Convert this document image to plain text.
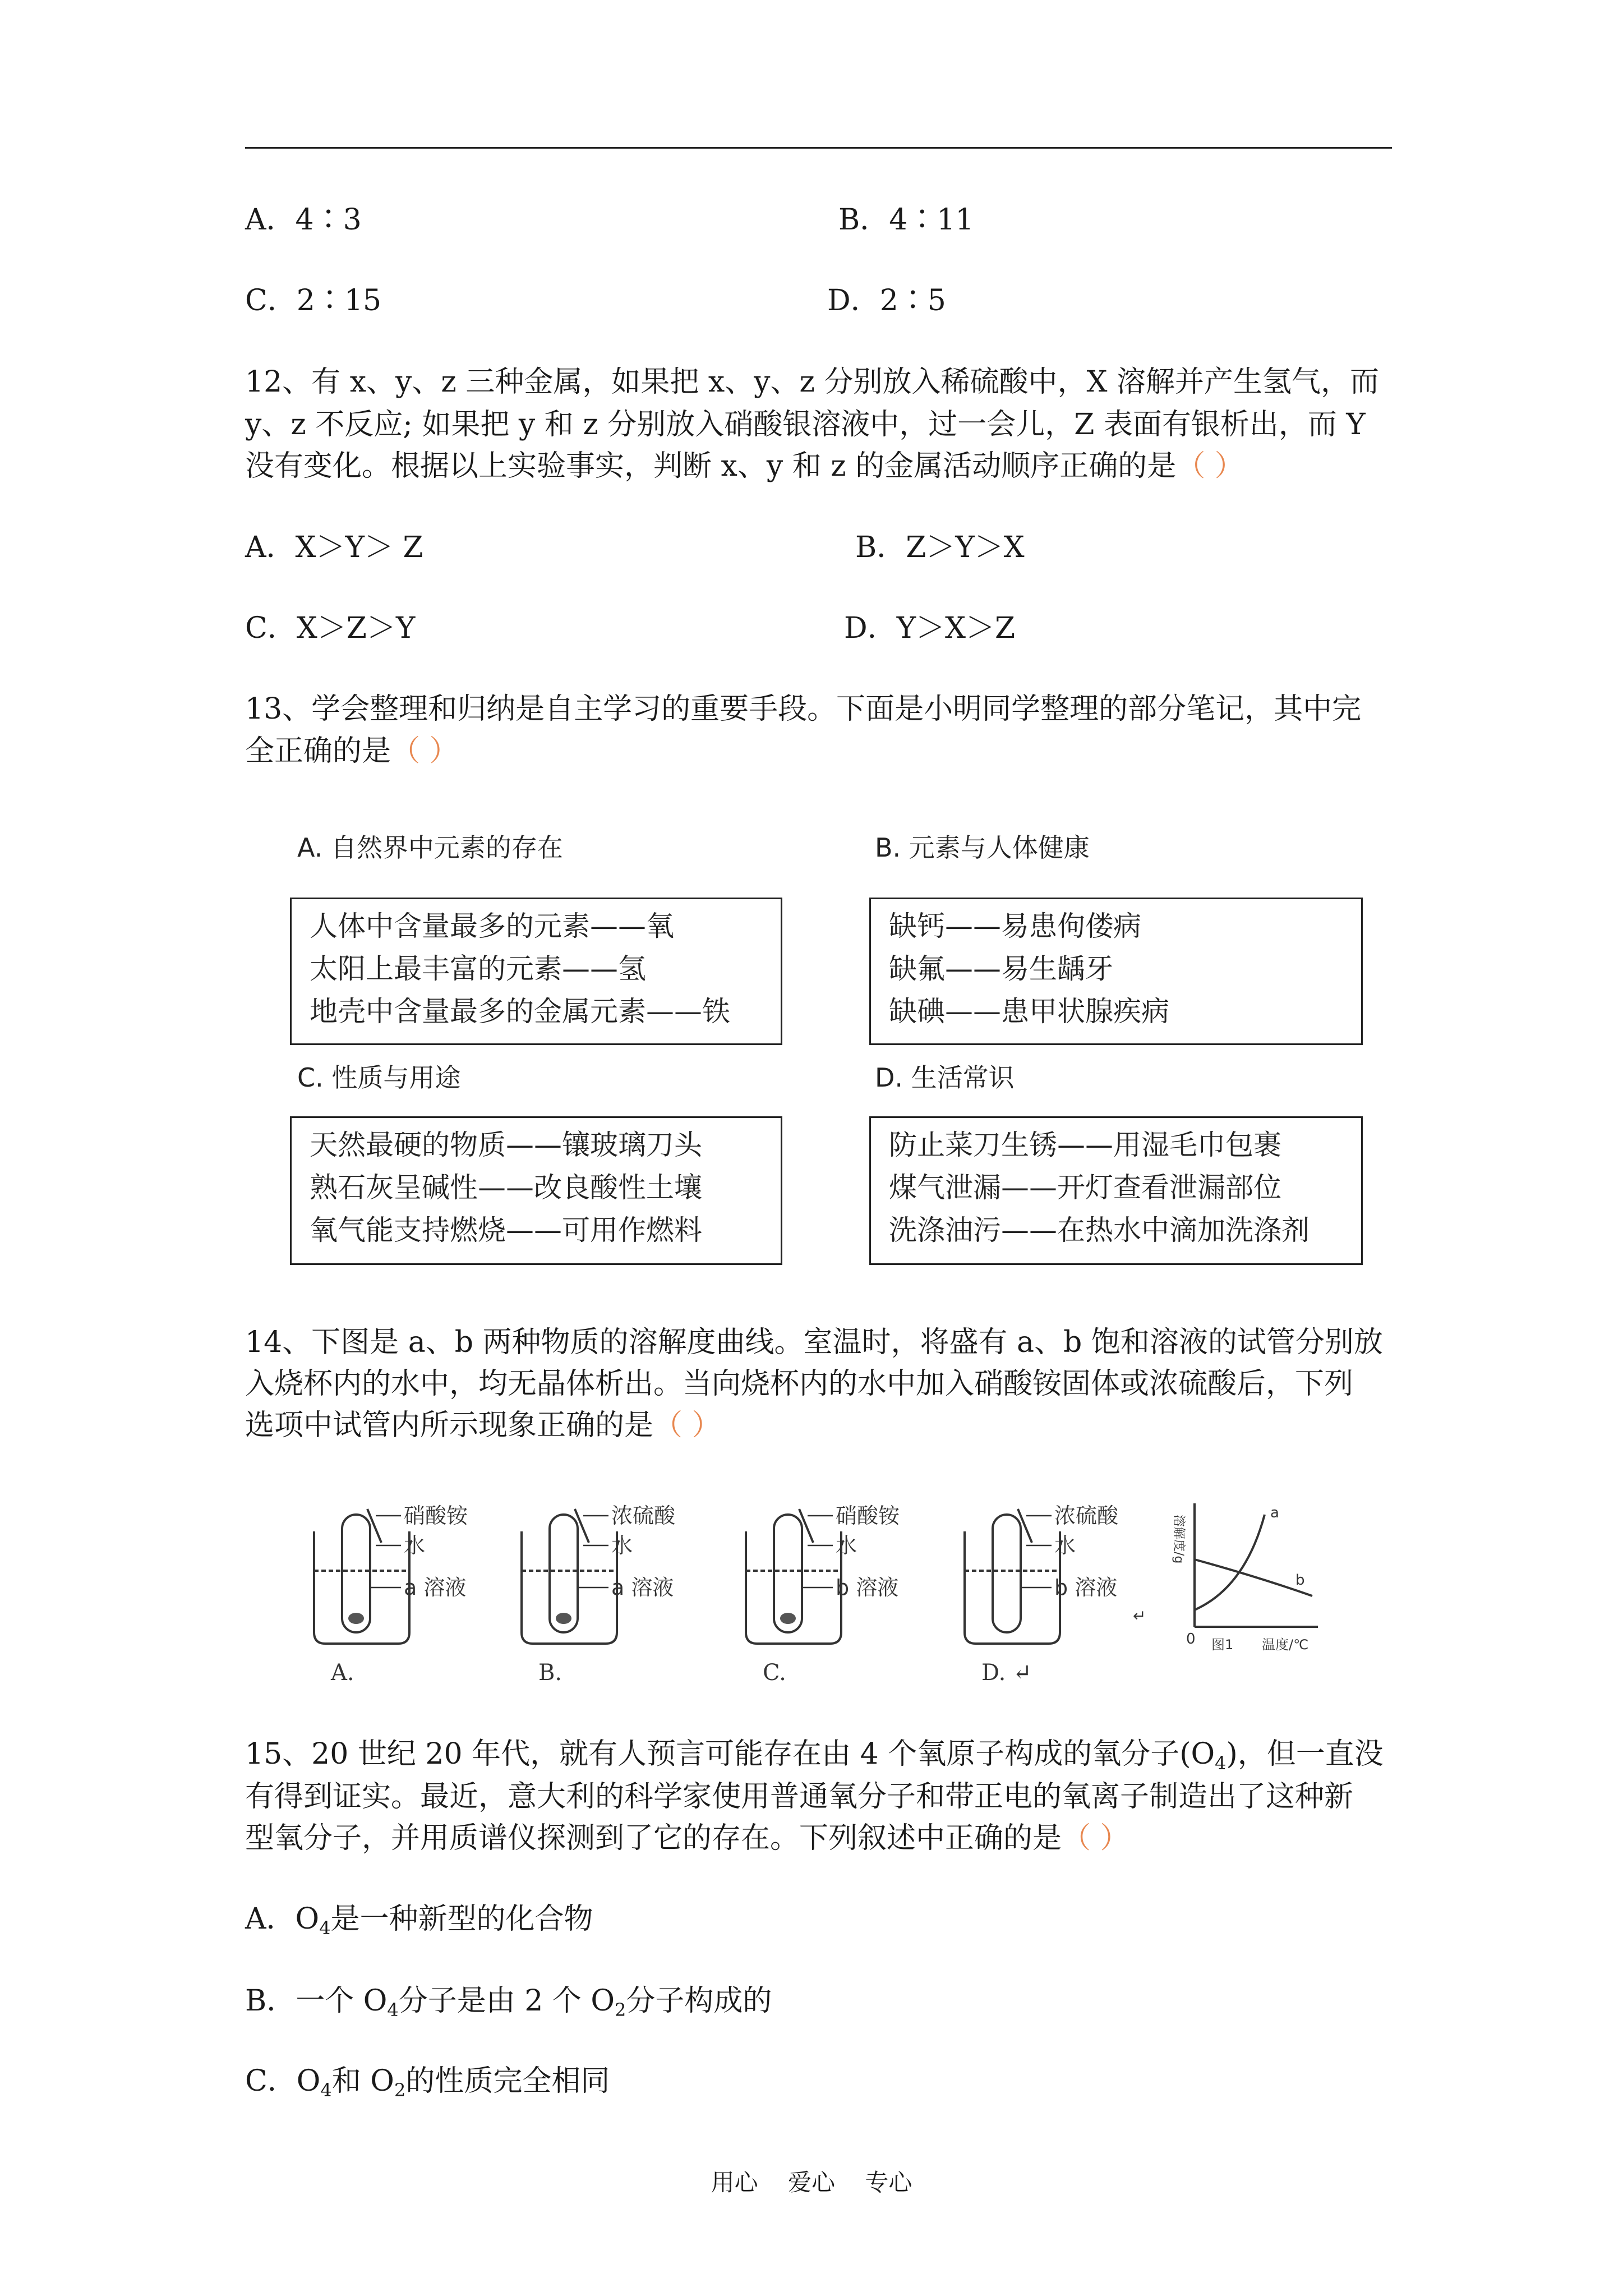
A．4∶3	B．4∶11
C．2∶15	D．2∶5
12、有 x、y、z 三种金属，如果把 x、y、z 分别放入稀硫酸中，X 溶解并产生氢气，而
y、z 不反应; 如果把 y 和 z 分别放入硝酸银溶液中，过一会儿，Z 表面有银析出，而 Y
没有变化。根据以上实验事实，判断 x、y 和 z 的金属活动顺序正确的是（ ）
A．X＞Y＞ Z	B．Z＞Y＞X
C．X＞Z＞Y	D．Y＞X＞Z
13、学会整理和归纳是自主学习的重要手段。下面是小明同学整理的部分笔记，其中完
全正确的是（ ）
A. 自然界中元素的存在	B. 元素与人体健康
人体中含量最多的元素——氧
太阳上最丰富的元素——氢
地壳中含量最多的金属元素——铁
缺钙——易患佝偻病
缺氟——易生龋牙
缺碘——患甲状腺疾病
C. 性质与用途	D. 生活常识
天然最硬的物质——镶玻璃刀头
熟石灰呈碱性——改良酸性土壤
氧气能支持燃烧——可用作燃料
防止菜刀生锈——用湿毛巾包裹
煤气泄漏——开灯查看泄漏部位
洗涤油污——在热水中滴加洗涤剂
14、下图是 a、b 两种物质的溶解度曲线。室温时，将盛有 a、b 饱和溶液的试管分别放
入烧杯内的水中，均无晶体析出。当向烧杯内的水中加入硝酸铵固体或浓硫酸后，下列
选项中试管内所示现象正确的是（ ）
硝酸铵
水
a 溶液
A.
浓硫酸
水
a 溶液
B.
硝酸铵
水
b 溶液
C.
浓硫酸
水
b 溶液
D. ↵
↵
溶解度/g
0 图1 温度/℃
a
b
15、20 世纪 20 年代，就有人预言可能存在由 4 个氧原子构成的氧分子$(O_4)$，但一直没
有得到证实。最近，意大利的科学家使用普通氧分子和带正电的氧离子制造出了这种新
型氧分子，并用质谱仪探测到了它的存在。下列叙述中正确的是（ ）
A．$O_4$是一种新型的化合物
B．一个 $O_4$分子是由 2 个 $O_2$分子构成的
C．$O_4$和 $O_2$的性质完全相同
用心    爱心    专心
